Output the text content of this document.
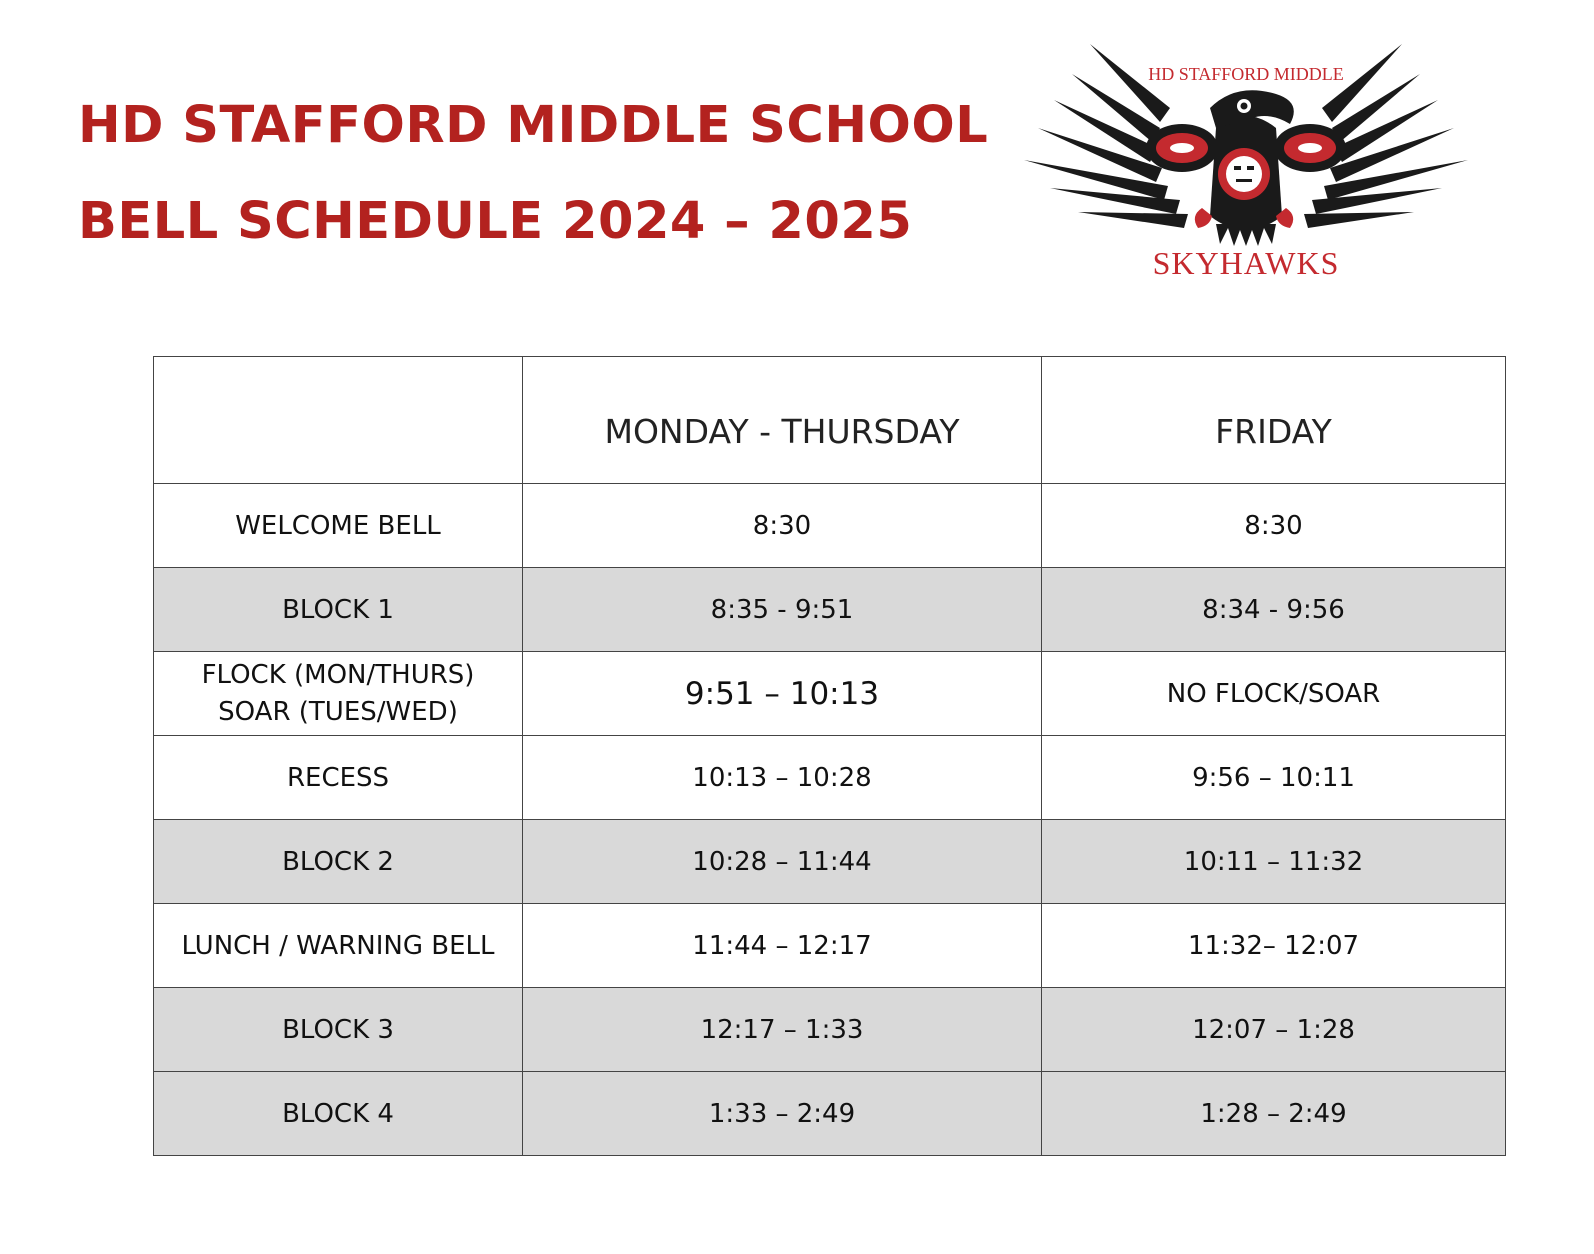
HD STAFFORD MIDDLE SCHOOL
BELL SCHEDULE 2024 – 2025
HD STAFFORD MIDDLE
SKYHAWKS
	MONDAY - THURSDAY	FRIDAY
WELCOME BELL	8:30	8:30
BLOCK 1	8:35 - 9:51	8:34 - 9:56

FLOCK (MON/THURS)
SOAR (TUES/WED)	9:51 – 10:13	NO FLOCK/SOAR
RECESS	10:13 – 10:28	9:56 – 10:11
BLOCK 2	10:28 – 11:44	10:11 – 11:32
LUNCH / WARNING BELL	11:44 – 12:17	11:32– 12:07
BLOCK 3	12:17 – 1:33	12:07 – 1:28
BLOCK 4	1:33 – 2:49	1:28 – 2:49
